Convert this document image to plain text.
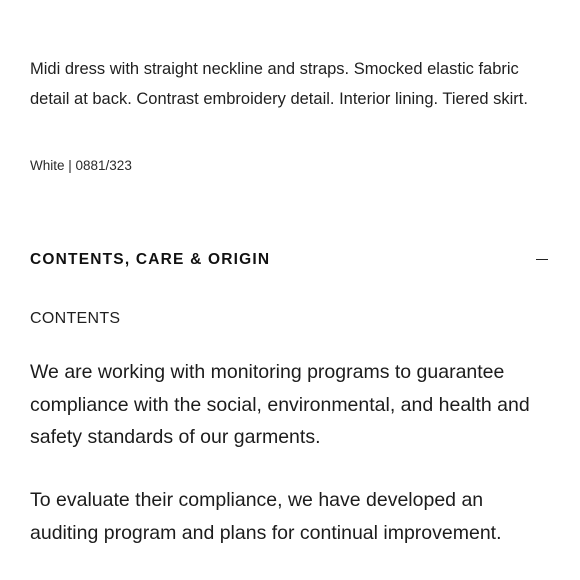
Midi dress with straight neckline and straps. Smocked elastic fabric detail at back. Contrast embroidery detail. Interior lining. Tiered skirt.

White | 0881/323

CONTENTS, CARE & ORIGIN

CONTENTS

We are working with monitoring programs to guarantee compliance with the social, environmental, and health and safety standards of our garments.

To evaluate their compliance, we have developed an auditing program and plans for continual improvement.
